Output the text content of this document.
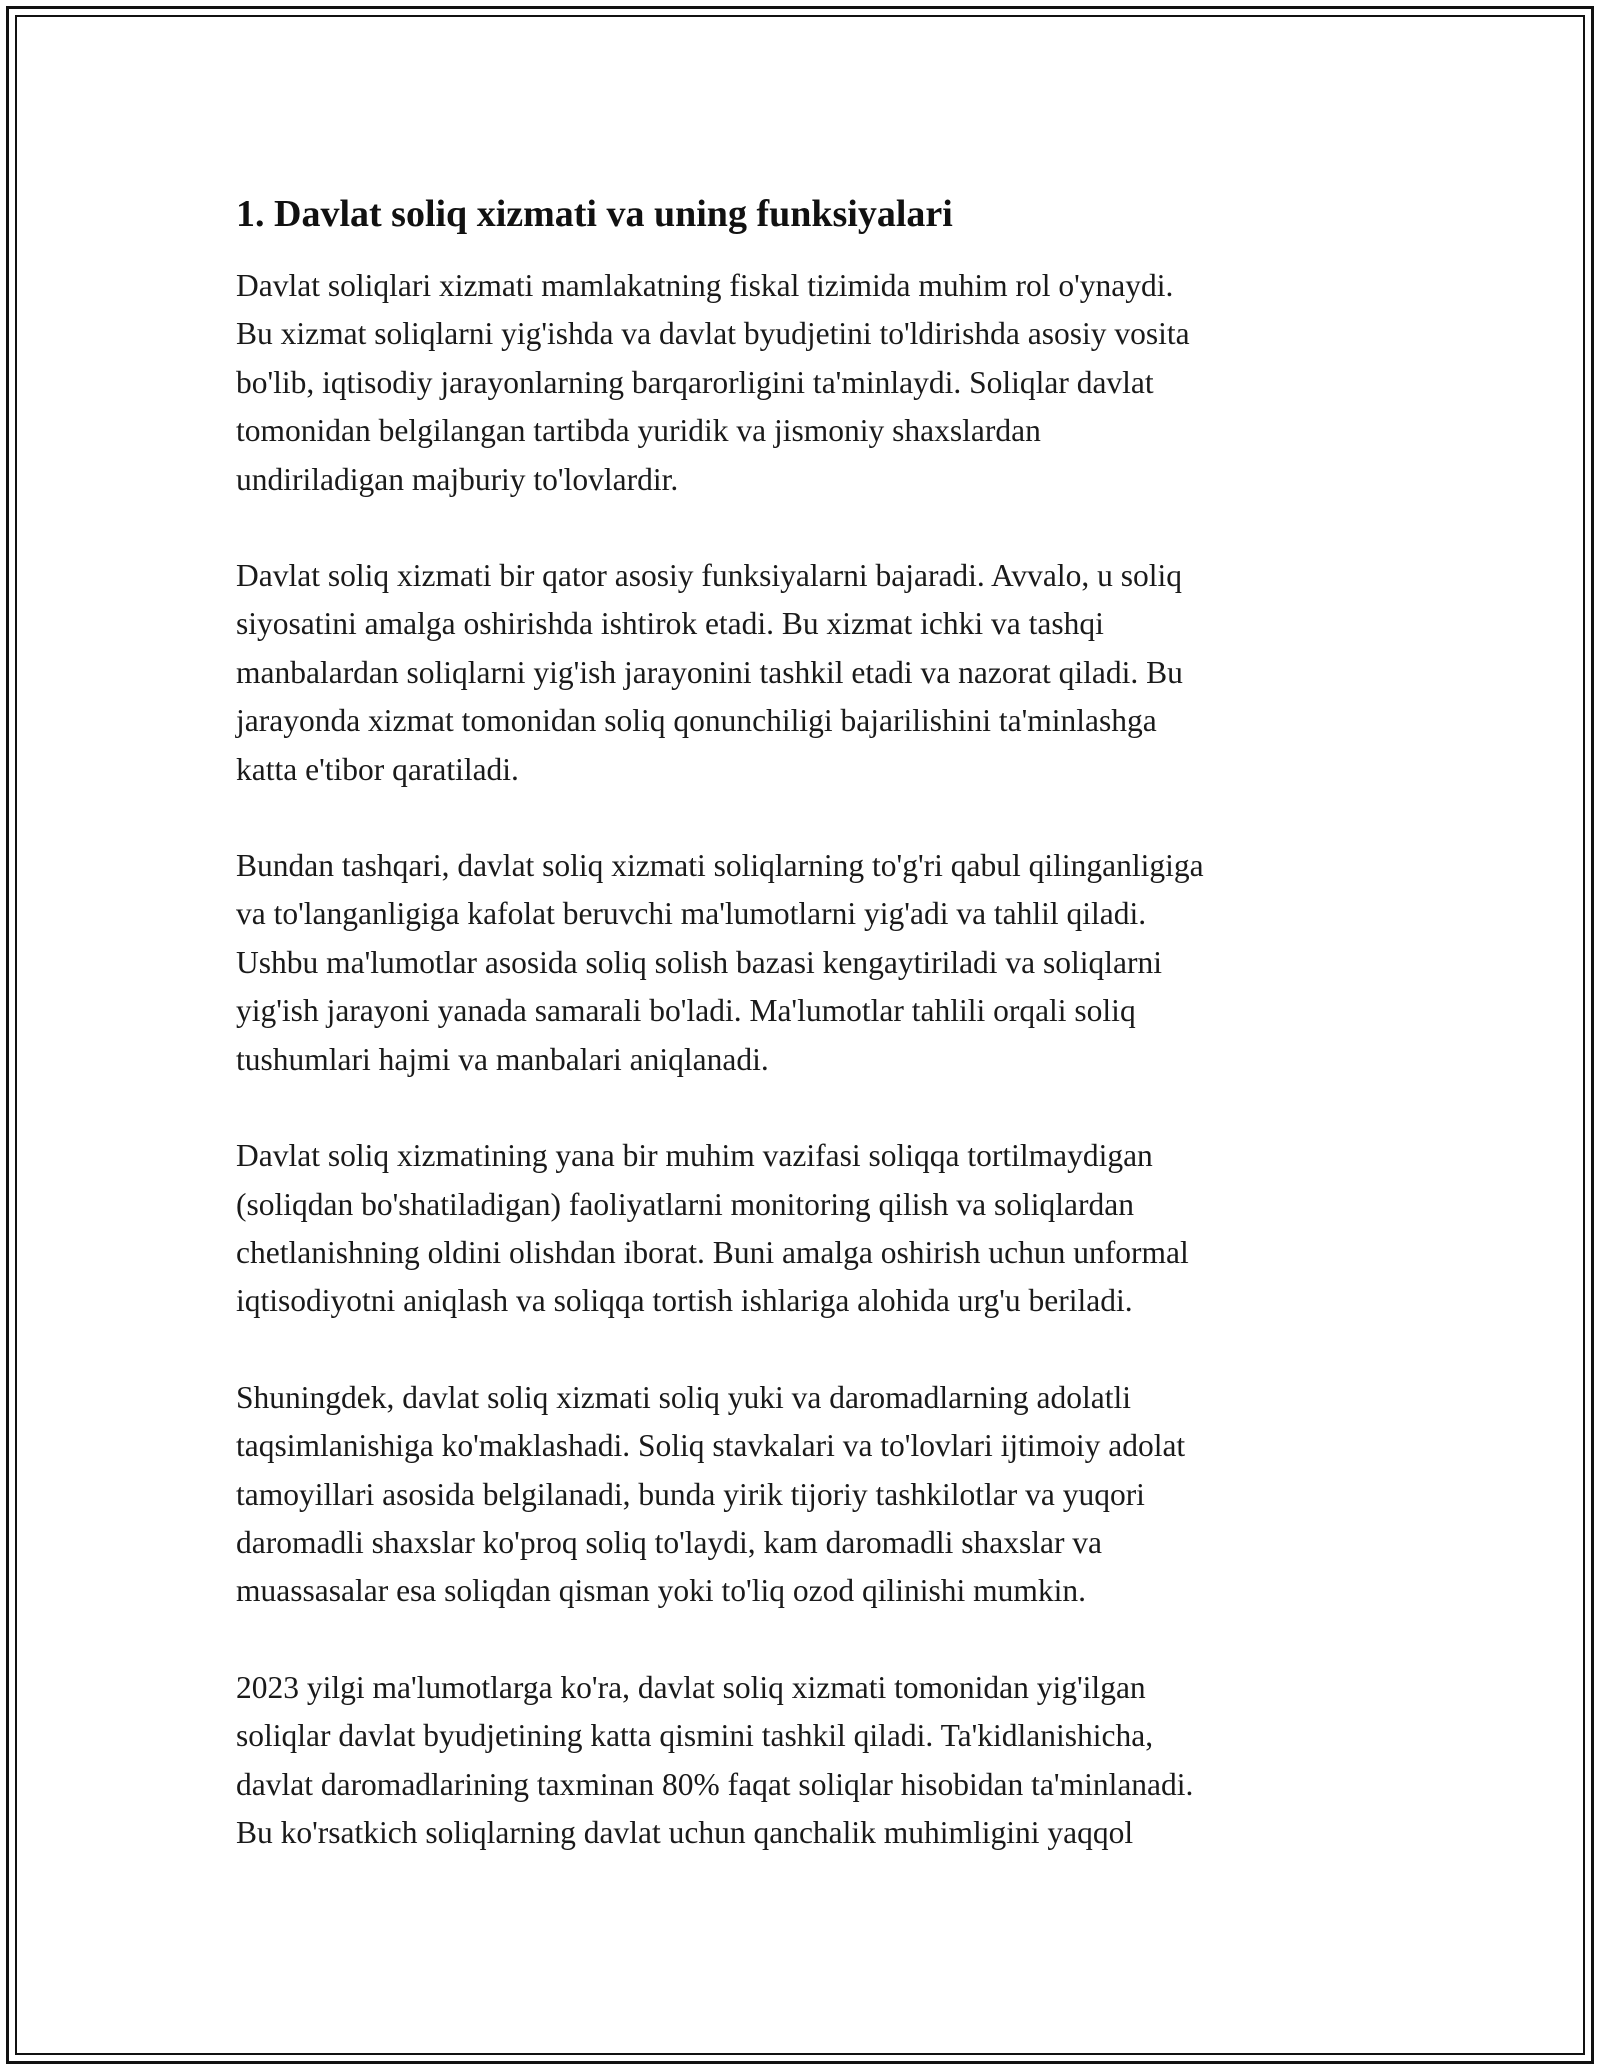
1. Davlat soliq xizmati va uning funksiyalari
Davlat soliqlari xizmati mamlakatning fiskal tizimida muhim rol o'ynaydi.
Bu xizmat soliqlarni yig'ishda va davlat byudjetini to'ldirishda asosiy vosita
bo'lib, iqtisodiy jarayonlarning barqarorligini ta'minlaydi. Soliqlar davlat
tomonidan belgilangan tartibda yuridik va jismoniy shaxslardan
undiriladigan majburiy to'lovlardir.
Davlat soliq xizmati bir qator asosiy funksiyalarni bajaradi. Avvalo, u soliq
siyosatini amalga oshirishda ishtirok etadi. Bu xizmat ichki va tashqi
manbalardan soliqlarni yig'ish jarayonini tashkil etadi va nazorat qiladi. Bu
jarayonda xizmat tomonidan soliq qonunchiligi bajarilishini ta'minlashga
katta e'tibor qaratiladi.
Bundan tashqari, davlat soliq xizmati soliqlarning to'g'ri qabul qilinganligiga
va to'langanligiga kafolat beruvchi ma'lumotlarni yig'adi va tahlil qiladi.
Ushbu ma'lumotlar asosida soliq solish bazasi kengaytiriladi va soliqlarni
yig'ish jarayoni yanada samarali bo'ladi. Ma'lumotlar tahlili orqali soliq
tushumlari hajmi va manbalari aniqlanadi.
Davlat soliq xizmatining yana bir muhim vazifasi soliqqa tortilmaydigan
(soliqdan bo'shatiladigan) faoliyatlarni monitoring qilish va soliqlardan
chetlanishning oldini olishdan iborat. Buni amalga oshirish uchun unformal
iqtisodiyotni aniqlash va soliqqa tortish ishlariga alohida urg'u beriladi.
Shuningdek, davlat soliq xizmati soliq yuki va daromadlarning adolatli
taqsimlanishiga ko'maklashadi. Soliq stavkalari va to'lovlari ijtimoiy adolat
tamoyillari asosida belgilanadi, bunda yirik tijoriy tashkilotlar va yuqori
daromadli shaxslar ko'proq soliq to'laydi, kam daromadli shaxslar va
muassasalar esa soliqdan qisman yoki to'liq ozod qilinishi mumkin.
2023 yilgi ma'lumotlarga ko'ra, davlat soliq xizmati tomonidan yig'ilgan
soliqlar davlat byudjetining katta qismini tashkil qiladi. Ta'kidlanishicha,
davlat daromadlarining taxminan 80% faqat soliqlar hisobidan ta'minlanadi.
Bu ko'rsatkich soliqlarning davlat uchun qanchalik muhimligini yaqqol
